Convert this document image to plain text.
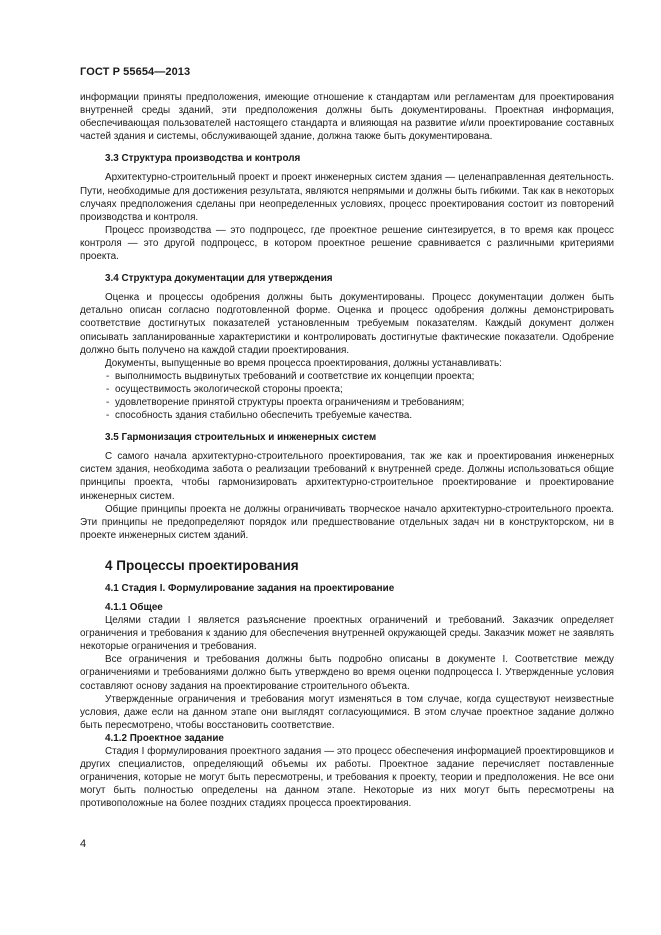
ГОСТ Р 55654—2013

информации приняты предположения, имеющие отношение к стандартам или регламентам для проектирования внутренней среды зданий, эти предположения должны быть документированы. Проектная информация, обеспечивающая пользователей настоящего стандарта и влияющая на развитие и/или проектирование составных частей здания и системы, обслуживающей здание, должна также быть документирована.

3.3 Структура производства и контроля

Архитектурно-строительный проект и проект инженерных систем здания — целенаправленная деятельность. Пути, необходимые для достижения результата, являются непрямыми и должны быть гибкими. Так как в некоторых случаях предположения сделаны при неопределенных условиях, процесс проектирования состоит из повторений производства и контроля.

Процесс производства — это подпроцесс, где проектное решение синтезируется, в то время как процесс контроля — это другой подпроцесс, в котором проектное решение сравнивается с различными критериями проекта.

3.4 Структура документации для утверждения

Оценка и процессы одобрения должны быть документированы. Процесс документации должен быть детально описан согласно подготовленной форме. Оценка и процесс одобрения должны демонстрировать соответствие достигнутых показателей установленным требуемым показателям. Каждый документ должен описывать запланированные характеристики и контролировать достигнутые фактические показатели. Одобрение должно быть получено на каждой стадии проектирования.

Документы, выпущенные во время процесса проектирования, должны устанавливать:

- выполнимость выдвинутых требований и соответствие их концепции проекта;
- осуществимость экологической стороны проекта;
- удовлетворение принятой структуры проекта ограничениям и требованиям;
- способность здания стабильно обеспечить требуемые качества.
3.5 Гармонизация строительных и инженерных систем

С самого начала архитектурно-строительного проектирования, так же как и проектирования инженерных систем здания, необходима забота о реализации требований к внутренней среде. Должны использоваться общие принципы проекта, чтобы гармонизировать архитектурно-строительное проектирование и проектирование инженерных систем.

Общие принципы проекта не должны ограничивать творческое начало архитектурно-строительного проекта. Эти принципы не предопределяют порядок или предшествование отдельных задач ни в конструкторском, ни в проекте инженерных систем зданий.

4 Процессы проектирования
4.1 Стадия I. Формулирование задания на проектирование
4.1.1 Общее

Целями стадии I является разъяснение проектных ограничений и требований. Заказчик определяет ограничения и требования к зданию для обеспечения внутренней окружающей среды. Заказчик может не заявлять некоторые ограничения и требования.

Все ограничения и требования должны быть подробно описаны в документе I. Соответствие между ограничениями и требованиями должно быть утверждено во время оценки подпроцесса I. Утвержденные условия составляют основу задания на проектирование строительного объекта.

Утвержденные ограничения и требования могут изменяться в том случае, когда существуют неизвестные условия, даже если на данном этапе они выглядят согласующимися. В этом случае проектное задание должно быть пересмотрено, чтобы восстановить соответствие.

4.1.2 Проектное задание

Стадия I формулирования проектного задания — это процесс обеспечения информацией проектировщиков и других специалистов, определяющий объемы их работы. Проектное задание перечисляет поставленные ограничения, которые не могут быть пересмотрены, и требования к проекту, теории и предположения. Не все они могут быть полностью определены на данном этапе. Некоторые из них могут быть пересмотрены на противоположные на более поздних стадиях процесса проектирования.

4
